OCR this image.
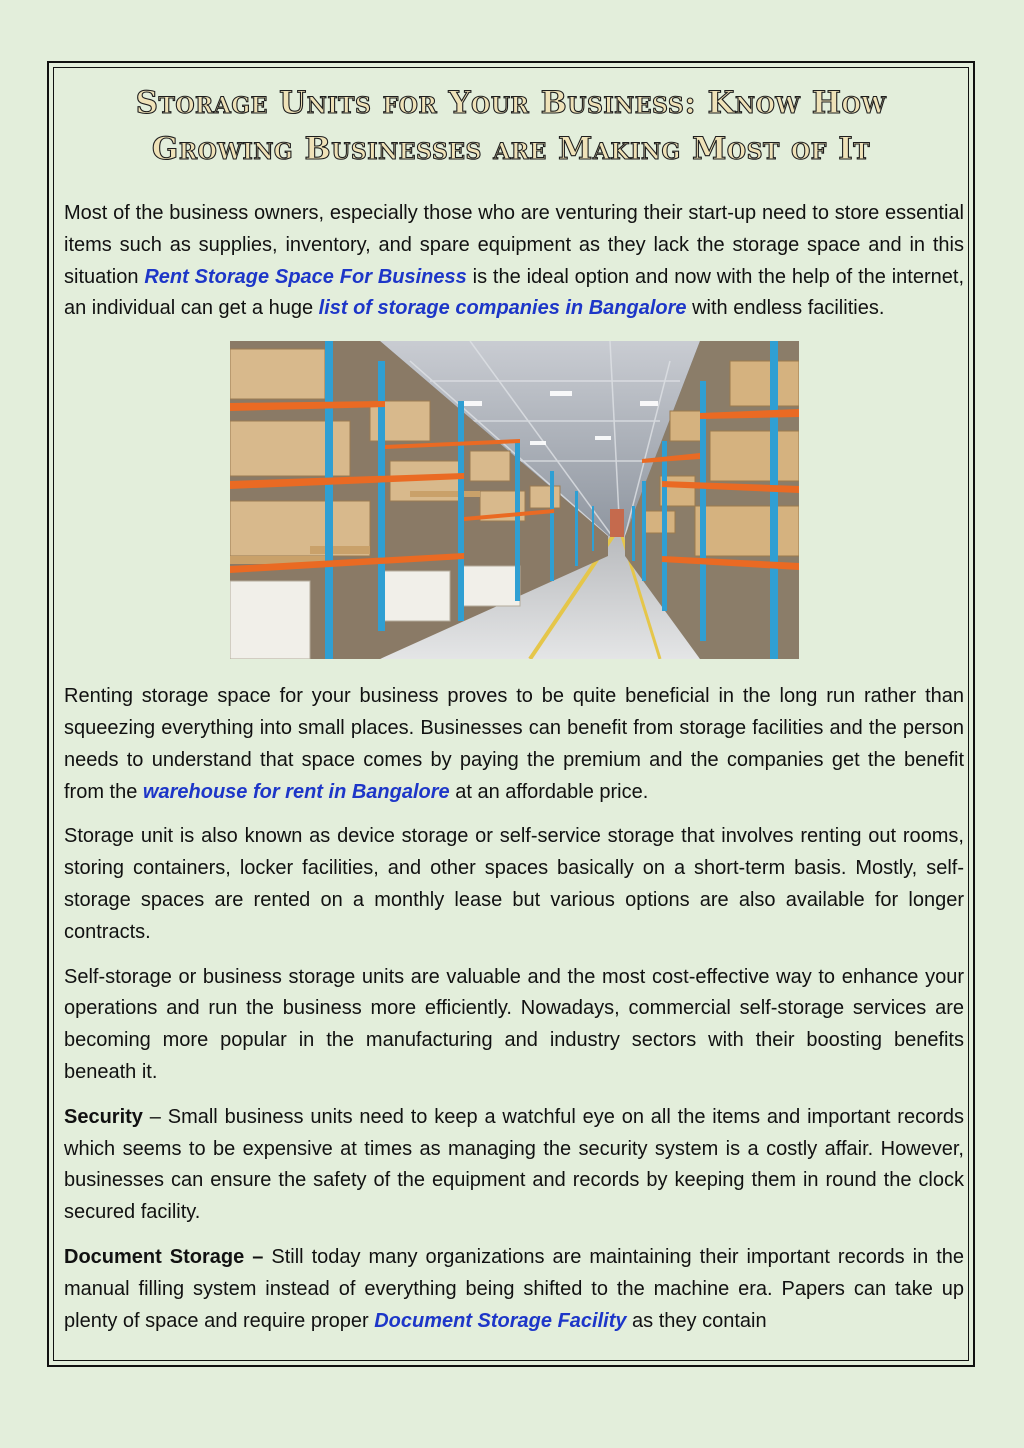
Storage Units for Your Business: Know How
Growing Businesses are Making Most of It

Most of the business owners, especially those who are venturing their start-up need to store essential items such as supplies, inventory, and spare equipment as they lack the storage space and in this situation Rent Storage Space For Business is the ideal option and now with the help of the internet, an individual can get a huge list of storage companies in Bangalore with endless facilities.

Renting storage space for your business proves to be quite beneficial in the long run rather than squeezing everything into small places. Businesses can benefit from storage facilities and the person needs to understand that space comes by paying the premium and the companies get the benefit from the warehouse for rent in Bangalore at an affordable price.

Storage unit is also known as device storage or self-service storage that involves renting out rooms, storing containers, locker facilities, and other spaces basically on a short-term basis. Mostly, self-storage spaces are rented on a monthly lease but various options are also available for longer contracts.

Self-storage or business storage units are valuable and the most cost-effective way to enhance your operations and run the business more efficiently. Nowadays, commercial self-storage services are becoming more popular in the manufacturing and industry sectors with their boosting benefits beneath it.

Security – Small business units need to keep a watchful eye on all the items and important records which seems to be expensive at times as managing the security system is a costly affair. However, businesses can ensure the safety of the equipment and records by keeping them in round the clock secured facility.

Document Storage – Still today many organizations are maintaining their important records in the manual filling system instead of everything being shifted to the machine era. Papers can take up plenty of space and require proper Document Storage Facility as they contain
